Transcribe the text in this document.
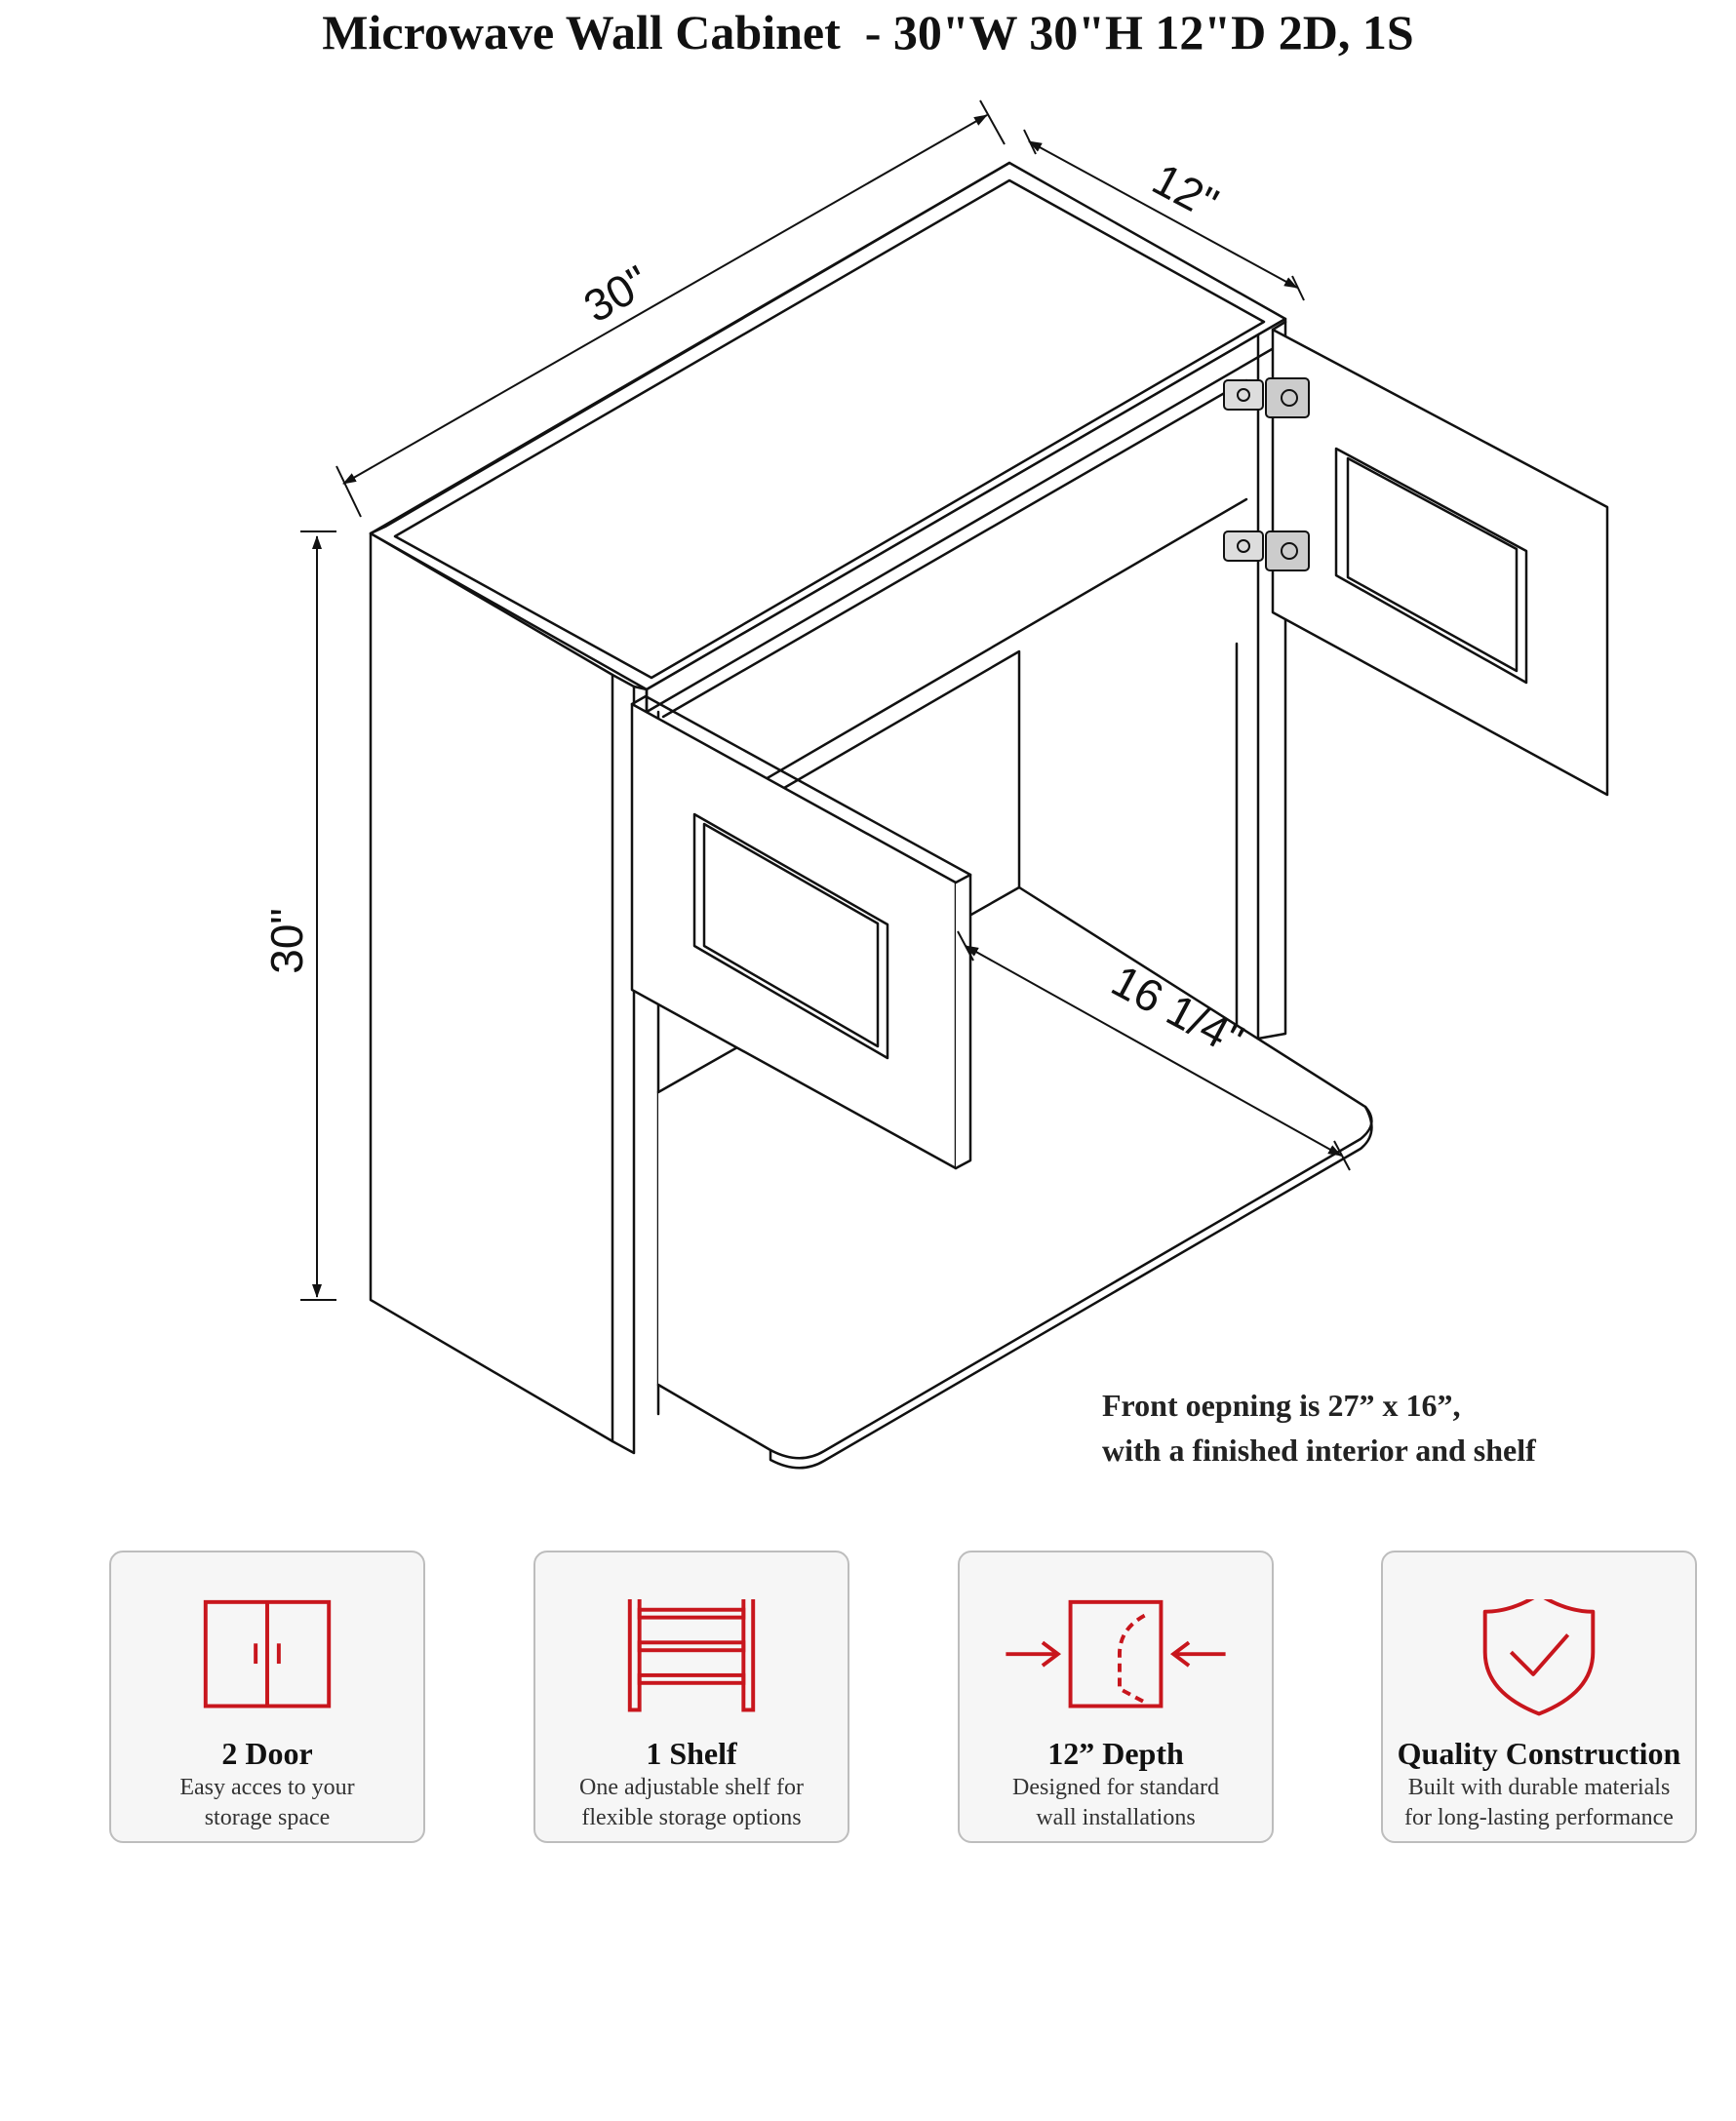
Microwave Wall Cabinet  - 30"W 30"H 12"D 2D, 1S
30"
12"
30"
16 1/4"
Front oepning is 27” x 16”,
with a finished interior and shelf
2 Door
Easy acces to your
storage space
1 Shelf
One adjustable shelf for
flexible storage options
12” Depth
Designed for standard
wall installations
Quality Construction
Built with durable materials
for long-lasting performance
